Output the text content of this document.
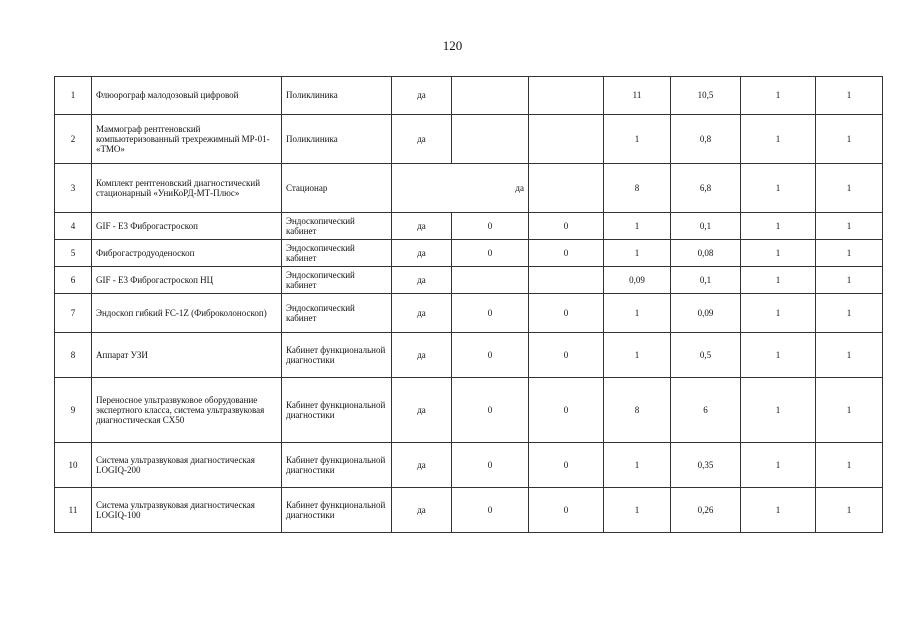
120
1	Флюорограф малодозовый цифровой	Поликлиника	да			11	10,5	1	1
2	Маммограф рентгеновский компьютеризованный трехрежимный МР-01- «ТМО»	Поликлиника	да			1	0,8	1	1
3	Комплект рентгеновский диагностический стационарный «УниКоРД-МТ-Плюс»	Стационар	да			8	6,8	1	1
4	GIF - E3 Фиброгастроскоп	Эндоскопический кабинет	да	0	0	1	0,1	1	1
5	Фиброгастродуоденоскоп	Эндоскопический кабинет	да	0	0	1	0,08	1	1
6	GIF - E3 Фиброгастроскоп НЦ	Эндоскопический кабинет	да			0,09	0,1	1	1
7	Эндоскоп гибкий FC-1Z (Фиброколоноскоп)	Эндоскопический кабинет	да	0	0	1	0,09	1	1
8	Аппарат УЗИ	Кабинет функциональной диагностики	да	0	0	1	0,5	1	1
9	Переносное ультразвуковое оборудование экспертного класса, система ультразвуковая диагностическая CX50	Кабинет функциональной диагностики	да	0	0	8	6	1	1
10	Система ультразвуковая диагностическая LOGIQ-200	Кабинет функциональной диагностики	да	0	0	1	0,35	1	1
11	Система ультразвуковая диагностическая LOGIQ-100	Кабинет функциональной диагностики	да	0	0	1	0,26	1	1
